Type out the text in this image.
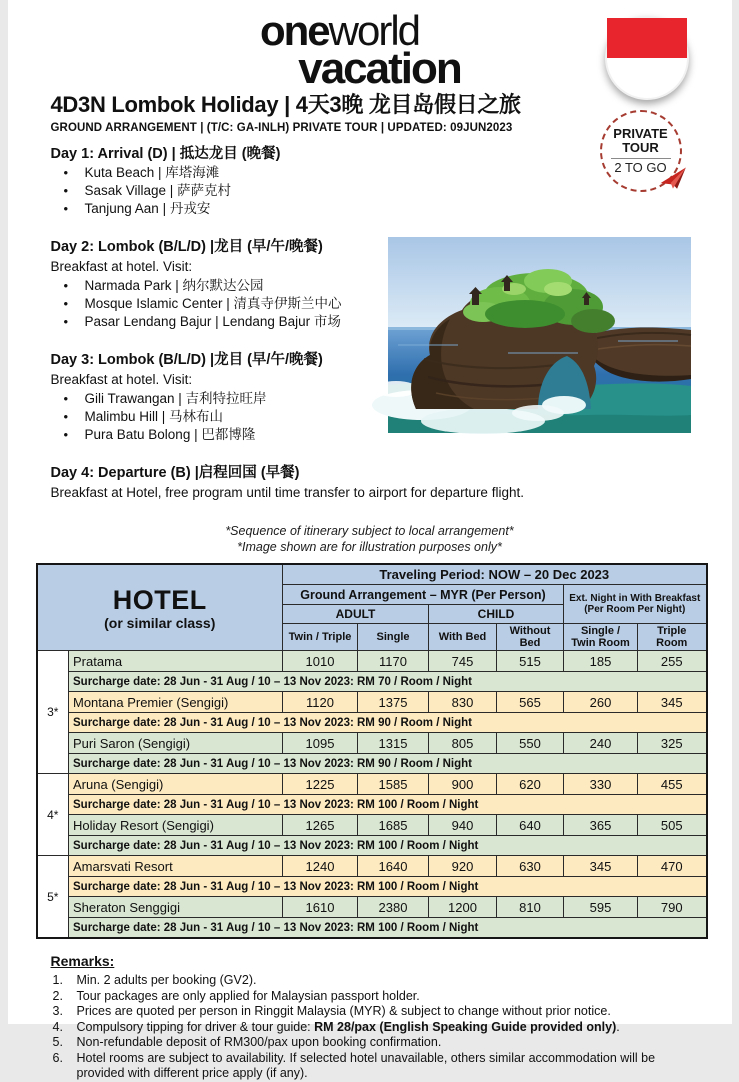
oneworld
vacation
PRIVATE
TOUR
2 TO GO
4D3N Lombok Holiday | 4天3晚 龙目岛假日之旅
GROUND ARRANGEMENT | (T/C: GA-INLH) PRIVATE TOUR | UPDATED: 09JUN2023
Day 1: Arrival (D) | 抵达龙目 (晚餐)
•	Kuta Beach | 库塔海滩
•	Sasak Village | 萨萨克村
•	Tanjung Aan | 丹戎安
Day 2: Lombok (B/L/D) |龙目 (早/午/晚餐)
Breakfast at hotel. Visit:
•	Narmada Park | 纳尔默达公园
•	Mosque Islamic Center | 清真寺伊斯兰中心
•	Pasar Lendang Bajur | Lendang Bajur 市场
Day 3: Lombok (B/L/D) |龙目 (早/午/晚餐)
Breakfast at hotel. Visit:
•	Gili Trawangan | 吉利特拉旺岸
•	Malimbu Hill | 马林布山
•	Pura Batu Bolong | 巴都博隆
Day 4: Departure (B) |启程回国 (早餐)
Breakfast at Hotel, free program until time transfer to airport for departure flight.
*Sequence of itinerary subject to local arrangement*
*Image shown are for illustration purposes only*
HOTEL
(or similar class)		Traveling Period: NOW – 20 Dec 2023					
		Ground Arrangement – MYR (Per Person)				Ext. Night in With Breakfast
(Per Room Per Night)	

		ADULT		CHILD			
		Twin / Triple	Single	With Bed	Without Bed	Single / Twin Room	Triple Room
3*	Pratama	1010	1170	745	515	185	255
	Surcharge date: 28 Jun - 31 Aug / 10 – 13 Nov 2023: RM 70 / Room / Night						
	Montana Premier (Sengigi)	1120	1375	830	565	260	345
	Surcharge date: 28 Jun - 31 Aug / 10 – 13 Nov 2023: RM 90 / Room / Night						
	Puri Saron (Sengigi)	1095	1315	805	550	240	325
	Surcharge date: 28 Jun - 31 Aug / 10 – 13 Nov 2023: RM 90 / Room / Night						
4*	Aruna (Sengigi)	1225	1585	900	620	330	455
	Surcharge date: 28 Jun - 31 Aug / 10 – 13 Nov 2023: RM 100 / Room / Night						
	Holiday Resort (Sengigi)	1265	1685	940	640	365	505
	Surcharge date: 28 Jun - 31 Aug / 10 – 13 Nov 2023: RM 100 / Room / Night						
5*	Amarsvati Resort	1240	1640	920	630	345	470
	Surcharge date: 28 Jun - 31 Aug / 10 – 13 Nov 2023: RM 100 / Room / Night						
	Sheraton Senggigi	1610	2380	1200	810	595	790
	Surcharge date: 28 Jun - 31 Aug / 10 – 13 Nov 2023: RM 100 / Room / Night						
Remarks:
1.	Min. 2 adults per booking (GV2).
2.	Tour packages are only applied for Malaysian passport holder.
3.	Prices are quoted per person in Ringgit Malaysia (MYR) & subject to change without prior notice.
4.	Compulsory tipping for driver & tour guide: RM 28/pax (English Speaking Guide provided only).
5.	Non-refundable deposit of RM300/pax upon booking confirmation.
6.	Hotel rooms are subject to availability. If selected hotel unavailable, others similar accommodation will be provided with different price apply (if any).
